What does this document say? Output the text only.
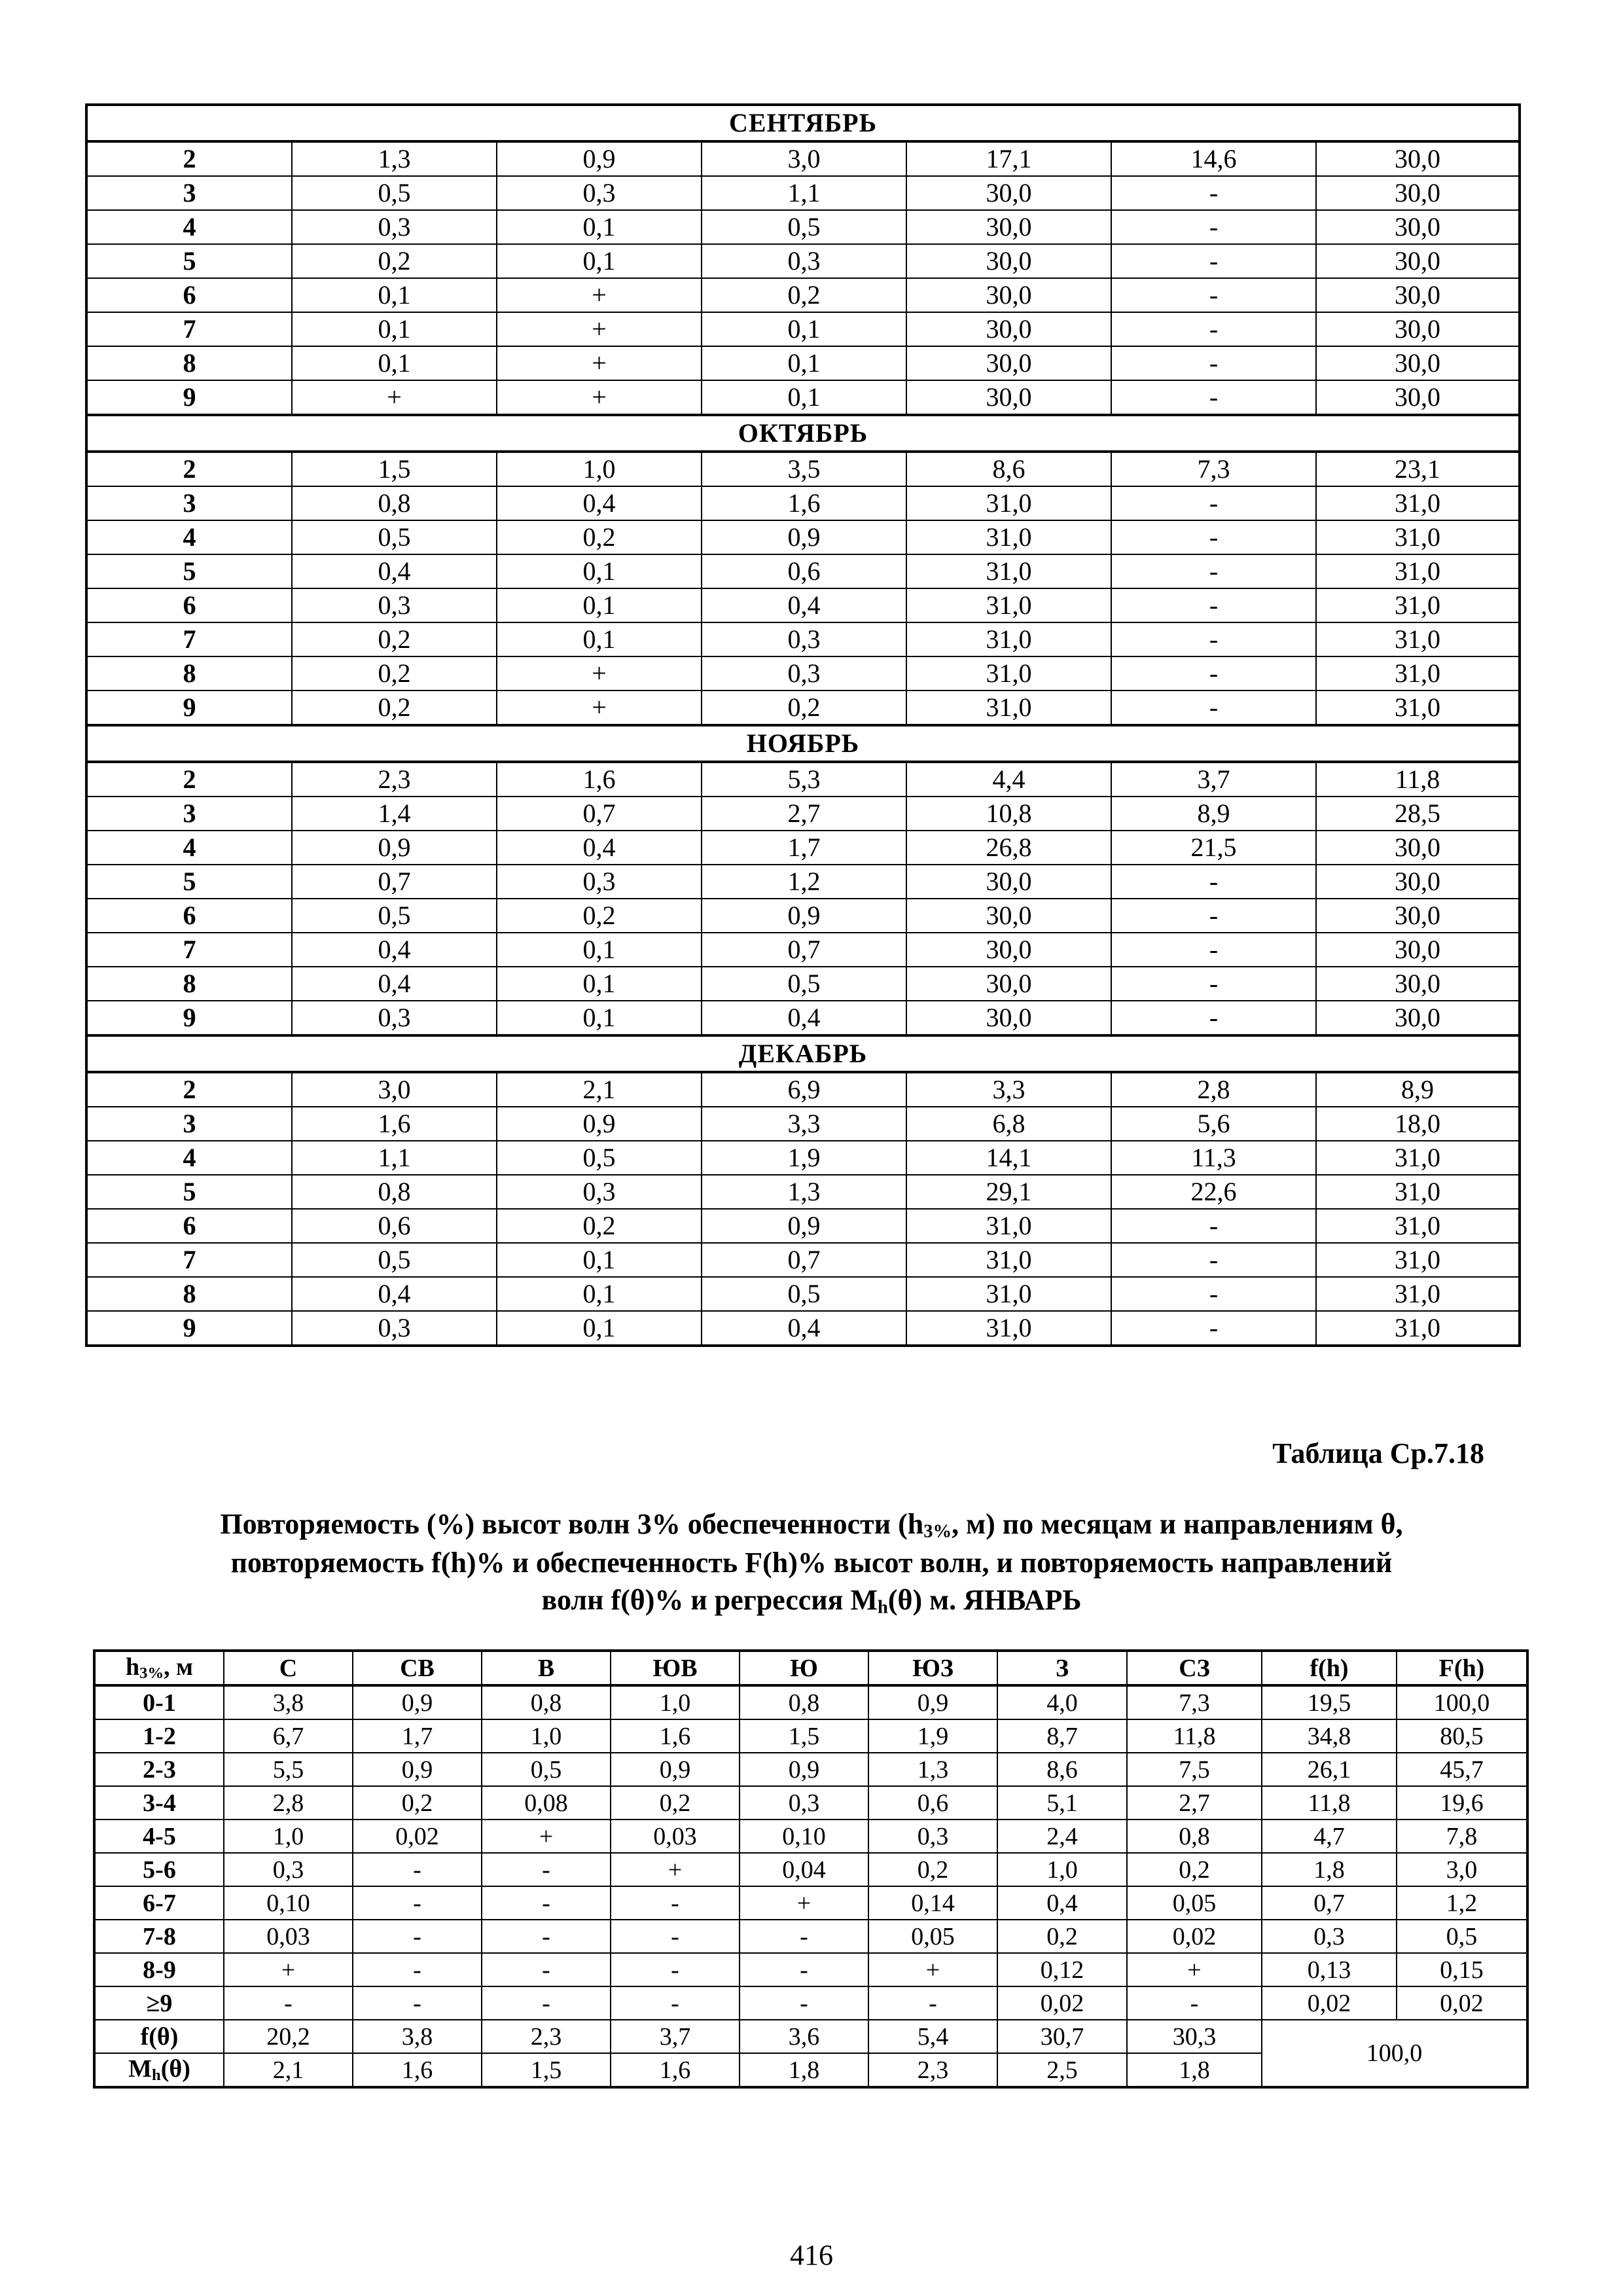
СЕНТЯБРЬ						
2	1,3	0,9	3,0	17,1	14,6	30,0
3	0,5	0,3	1,1	30,0	-	30,0
4	0,3	0,1	0,5	30,0	-	30,0
5	0,2	0,1	0,3	30,0	-	30,0
6	0,1	+	0,2	30,0	-	30,0
7	0,1	+	0,1	30,0	-	30,0
8	0,1	+	0,1	30,0	-	30,0
9	+	+	0,1	30,0	-	30,0
ОКТЯБРЬ						
2	1,5	1,0	3,5	8,6	7,3	23,1
3	0,8	0,4	1,6	31,0	-	31,0
4	0,5	0,2	0,9	31,0	-	31,0
5	0,4	0,1	0,6	31,0	-	31,0
6	0,3	0,1	0,4	31,0	-	31,0
7	0,2	0,1	0,3	31,0	-	31,0
8	0,2	+	0,3	31,0	-	31,0
9	0,2	+	0,2	31,0	-	31,0
НОЯБРЬ						
2	2,3	1,6	5,3	4,4	3,7	11,8
3	1,4	0,7	2,7	10,8	8,9	28,5
4	0,9	0,4	1,7	26,8	21,5	30,0
5	0,7	0,3	1,2	30,0	-	30,0
6	0,5	0,2	0,9	30,0	-	30,0
7	0,4	0,1	0,7	30,0	-	30,0
8	0,4	0,1	0,5	30,0	-	30,0
9	0,3	0,1	0,4	30,0	-	30,0
ДЕКАБРЬ						
2	3,0	2,1	6,9	3,3	2,8	8,9
3	1,6	0,9	3,3	6,8	5,6	18,0
4	1,1	0,5	1,9	14,1	11,3	31,0
5	0,8	0,3	1,3	29,1	22,6	31,0
6	0,6	0,2	0,9	31,0	-	31,0
7	0,5	0,1	0,7	31,0	-	31,0
8	0,4	0,1	0,5	31,0	-	31,0
9	0,3	0,1	0,4	31,0	-	31,0
Таблица Ср.7.18
Повторяемость (%) высот волн 3% обеспеченности ($h_{3\%}$, м) по месяцам и направлениям θ,
повторяемость f(h)% и обеспеченность F(h)% высот волн, и повторяемость направлений
волн f(θ)% и регрессия $M_h(\theta)$ м. ЯНВАРЬ
$h_{3\%}$, м	С	СВ	В	ЮВ	Ю	ЮЗ	З	СЗ	f(h)	F(h)
0-1	3,8	0,9	0,8	1,0	0,8	0,9	4,0	7,3	19,5	100,0
1-2	6,7	1,7	1,0	1,6	1,5	1,9	8,7	11,8	34,8	80,5
2-3	5,5	0,9	0,5	0,9	0,9	1,3	8,6	7,5	26,1	45,7
3-4	2,8	0,2	0,08	0,2	0,3	0,6	5,1	2,7	11,8	19,6
4-5	1,0	0,02	+	0,03	0,10	0,3	2,4	0,8	4,7	7,8
5-6	0,3	-	-	+	0,04	0,2	1,0	0,2	1,8	3,0
6-7	0,10	-	-	-	+	0,14	0,4	0,05	0,7	1,2
7-8	0,03	-	-	-	-	0,05	0,2	0,02	0,3	0,5
8-9	+	-	-	-	-	+	0,12	+	0,13	0,15
≥9	-	-	-	-	-	-	0,02	-	0,02	0,02
f(θ)	20,2	3,8	2,3	3,7	3,6	5,4	30,7	30,3	100,0	
$M_h(\theta)$	2,1	1,6	1,5	1,6	1,8	2,3	2,5	1,8		
416
